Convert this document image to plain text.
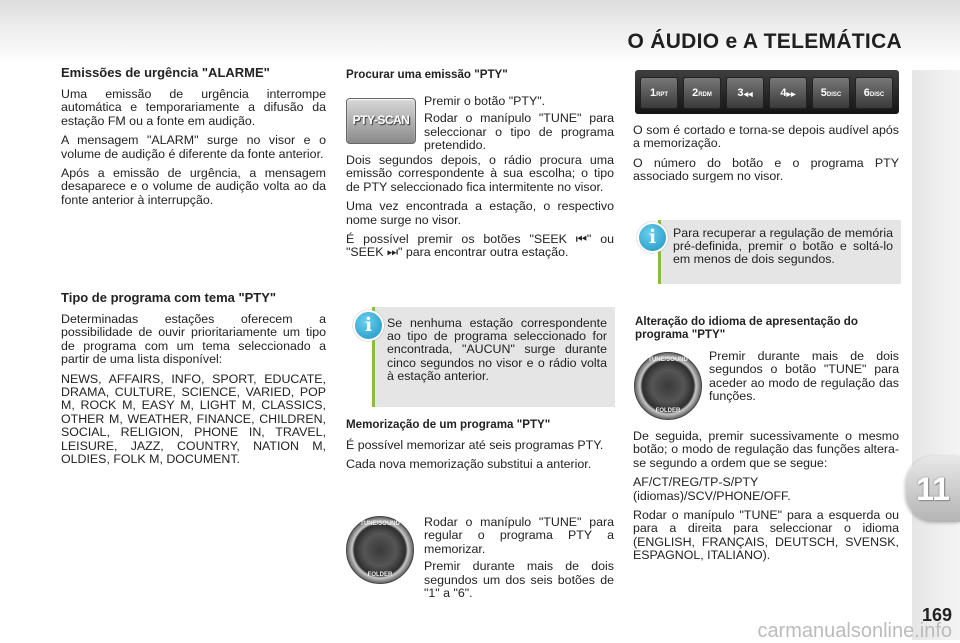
O ÁUDIO e A TELEMÁTICA
11
Emissões de urgência "ALARME"

Uma emissão de urgência interrompe automática e temporariamente a difusão da estação FM ou a fonte em audição.

A mensagem "ALARM" surge no visor e o volume de audição é diferente da fonte anterior.

Após a emissão de urgência, a mensagem desaparece e o volume de audição volta ao da fonte anterior à interrupção.

Tipo de programa com tema "PTY"

Determinadas estações oferecem a possibilidade de ouvir prioritariamente um tipo de programa com um tema seleccionado a partir de uma lista disponível:

NEWS, AFFAIRS, INFO, SPORT, EDUCATE, DRAMA, CULTURE, SCIENCE, VARIED, POP M, ROCK M, EASY M, LIGHT M, CLASSICS, OTHER M, WEATHER, FINANCE, CHILDREN, SOCIAL, RELIGION, PHONE IN, TRAVEL, LEISURE, JAZZ, COUNTRY, NATION M, OLDIES, FOLK M, DOCUMENT.

Procurar uma emissão "PTY"
PTY-SCAN

Premir o botão "PTY".

Rodar o manípulo "TUNE" para seleccionar o tipo de programa pretendido.

Dois segundos depois, o rádio procura uma emissão correspondente à sua escolha; o tipo de PTY seleccionado fica intermitente no visor.

Uma vez encontrada a estação, o respectivo nome surge no visor.

É possível premir os botões "SEEK ⏮" ou "SEEK ⏭" para encontrar outra estação.

Se nenhuma estação correspondente ao tipo de programa seleccionado for encontrada, "AUCUN" surge durante cinco segundos no visor e o rádio volta à estação anterior.

i
Memorização de um programa "PTY"

É possível memorizar até seis programas PTY.

Cada nova memorização substitui a anterior.

TUNE/SOUND
FOLDER

Rodar o manípulo "TUNE" para regular o programa PTY a memorizar.

Premir durante mais de dois segundos um dos seis botões de "1" a "6".

1RPT	2RDM	3◀◀	4▶▶	5DISC	6DISC

O som é cortado e torna-se depois audível após a memorização.

O número do botão e o programa PTY associado surgem no visor.

Para recuperar a regulação de memória pré-definida, premir o botão e soltá-lo em menos de dois segundos.

i
Alteração do idioma de apresentação do programa "PTY"
TUNE/SOUND
FOLDER

Premir durante mais de dois segundos o botão "TUNE" para aceder ao modo de regulação das funções.

De seguida, premir sucessivamente o mesmo botão; o modo de regulação das funções altera-se segundo a ordem que se segue:

AF/CT/REG/TP-S/PTY (idiomas)/SCV/PHONE/OFF.

Rodar o manípulo "TUNE" para a esquerda ou para a direita para seleccionar o idioma (ENGLISH, FRANÇAIS, DEUTSCH, SVENSK, ESPAGNOL, ITALIANO).

169
carmanualsonline.info
